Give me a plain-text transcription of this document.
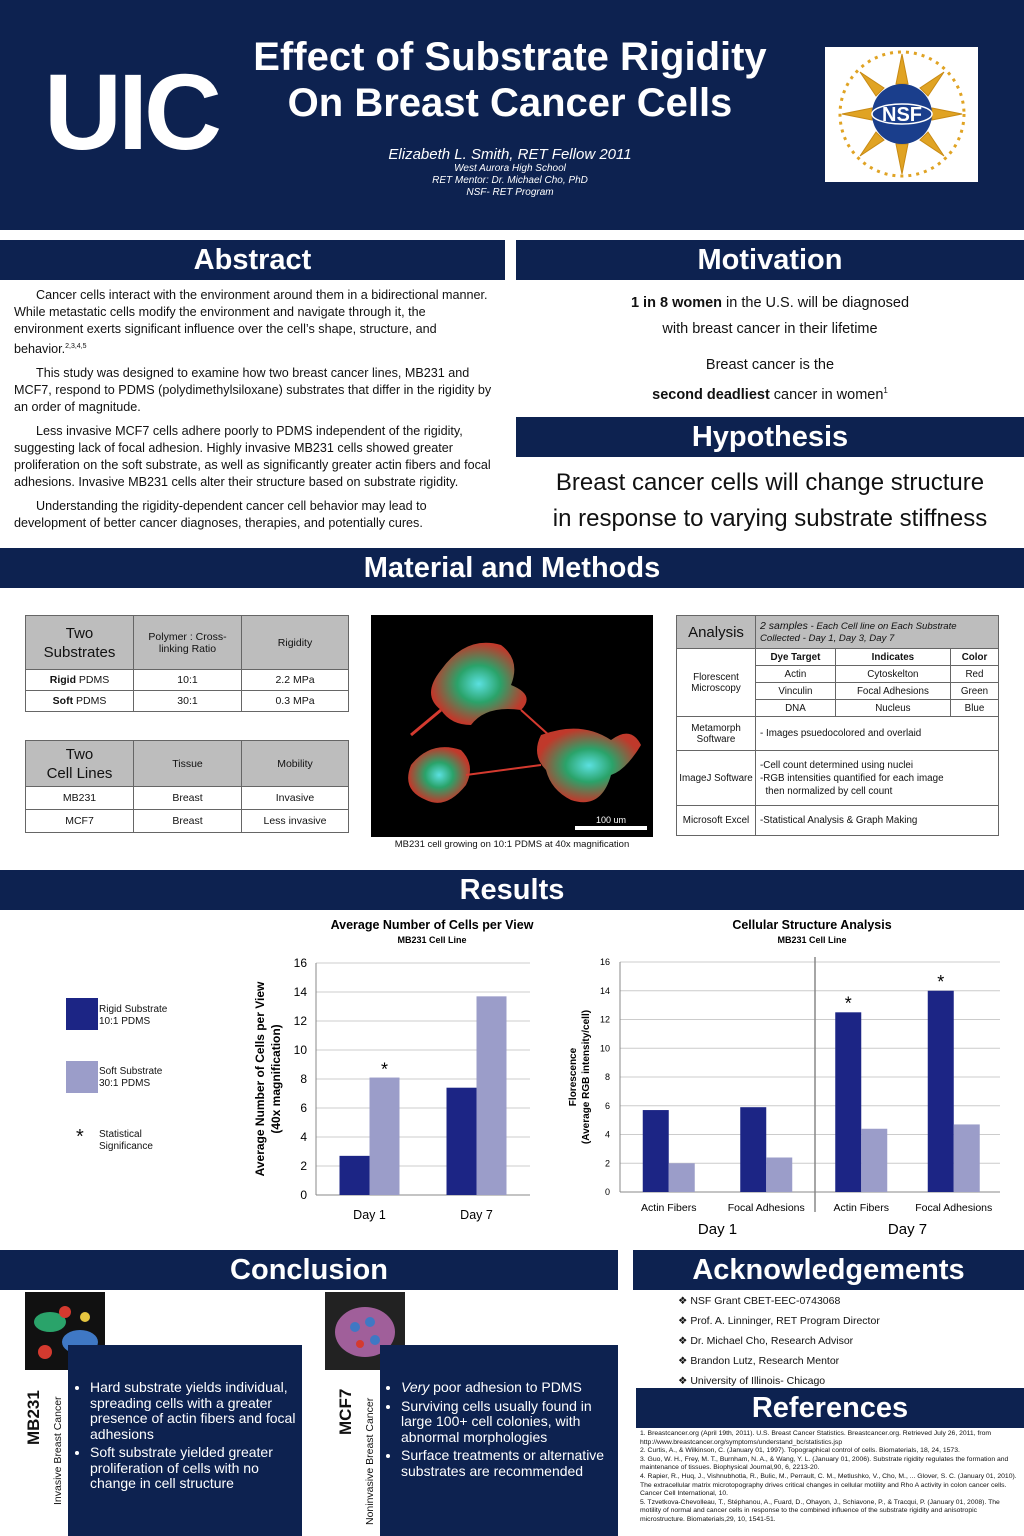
UIC Effect of Substrate Rigidity
On Breast Cancer Cells
Elizabeth L. Smith, RET Fellow 2011
West Aurora High School
RET Mentor: Dr. Michael Cho, PhD
NSF- RET Program
NSF
Abstract

Cancer cells interact with the environment around them in a bidirectional manner. While metastatic cells modify the environment and navigate through it, the environment exerts significant influence over the cell’s shape, structure, and behavior.$^{2,3,4,5}$

This study was designed to examine how two breast cancer lines, MB231 and MCF7, respond to PDMS (polydimethylsiloxane) substrates that differ in the rigidity by an order of magnitude.

Less invasive MCF7 cells adhere poorly to PDMS independent of the rigidity, suggesting lack of focal adhesion. Highly invasive MB231 cells showed greater proliferation on the soft substrate, as well as significantly greater actin fibers and focal adhesions. Invasive MB231 cells alter their structure based on substrate rigidity.

Understanding the rigidity-dependent cancer cell behavior may lead to development of better cancer diagnoses, therapies, and potentially cures.

Motivation
1 in 8 women in the U.S. will be diagnosed
with breast cancer in their lifetime
Breast cancer is the
second deadliest cancer in women$^1$
Hypothesis
Breast cancer cells will change structure
in response to varying substrate stiffness
Material and Methods
Two
Substrates	Polymer : Cross-linking Ratio	Rigidity
Rigid PDMS	10:1	2.2 MPa
Soft PDMS	30:1	0.3 MPa
Two
Cell Lines	Tissue	Mobility
MB231	Breast	Invasive
MCF7	Breast	Less invasive	100 um
MB231 cell growing on 10:1 PDMS at 40x magnification
Analysis	2 samples - Each Cell line on Each Substrate Collected - Day 1, Day 3, Day 7		
Florescent Microscopy	Dye Target	Indicates	Color
	Actin	Cytoskelton	Red
	Vinculin	Focal Adhesions	Green
	DNA	Nucleus	Blue
Metamorph Software	- Images psuedocolored and overlaid		
ImageJ Software	-Cell count determined using nuclei
-RGB intensities quantified for each image
then normalized by cell count		
Microsoft Excel	-Statistical Analysis & Graph Making		
Results
Rigid Substrate
10:1 PDMS
Soft Substrate
30:1 PDMS
* Statistical
Significance
Average Number of Cells per View
MB231 Cell Line
0
2
4
6
8
10
12
14
16
Average Number of Cells per View (40x magnification)
Day 1	Day 7
*
Cellular Structure Analysis
MB231 Cell Line
0
2
4
6
8
10
12
14
16
Florescence (Average RGB intensity/cell)
Actin Fibers	Focal Adhesions	Actin Fibers	Focal Adhesions
Day 1	Day 7
*
*
Conclusion
MB231 Invasive Breast Cancer
• Hard substrate yields individual, spreading cells with a greater presence of actin fibers and focal adhesions
• Soft substrate yielded greater proliferation of cells with no change in cell structure
MCF7 Noninvasive Breast Cancer
• Very poor adhesion to PDMS
• Surviving cells usually found in large 100+ cell colonies, with abnormal morphologies
• Surface treatments or alternative substrates are recommended
Acknowledgements
❖ NSF Grant CBET-EEC-0743068
❖ Prof. A. Linninger, RET Program Director
❖ Dr. Michael Cho, Research Advisor
❖ Brandon Lutz, Research Mentor
❖ University of Illinois- Chicago
References
1. Breastcancer.org (April 19th, 2011). U.S. Breast Cancer Statistics. Breastcancer.org. Retrieved July 26, 2011, from http://www.breastcancer.org/symptoms/understand_bc/statistics.jsp
2. Curtis, A., & Wilkinson, C. (January 01, 1997). Topographical control of cells. Biomaterials, 18, 24, 1573.
3. Guo, W. H., Frey, M. T., Burnham, N. A., & Wang, Y. L. (January 01, 2006). Substrate rigidity regulates the formation and maintenance of tissues. Biophysical Journal,90, 6, 2213-20.
4. Rapier, R., Huq, J., Vishnubhotla, R., Bulic, M., Perrault, C. M., Metlushko, V., Cho, M., ... Glover, S. C. (January 01, 2010). The extracellular matrix microtopography drives critical changes in cellular motility and Rho A activity in colon cancer cells. Cancer Cell International, 10.
5. Tzvetkova-Chevolleau, T., Stéphanou, A., Fuard, D., Ohayon, J., Schiavone, P., & Tracqui, P. (January 01, 2008). The motility of normal and cancer cells in response to the combined influence of the substrate rigidity and anisotropic microstructure. Biomaterials,29, 10, 1541-51.
